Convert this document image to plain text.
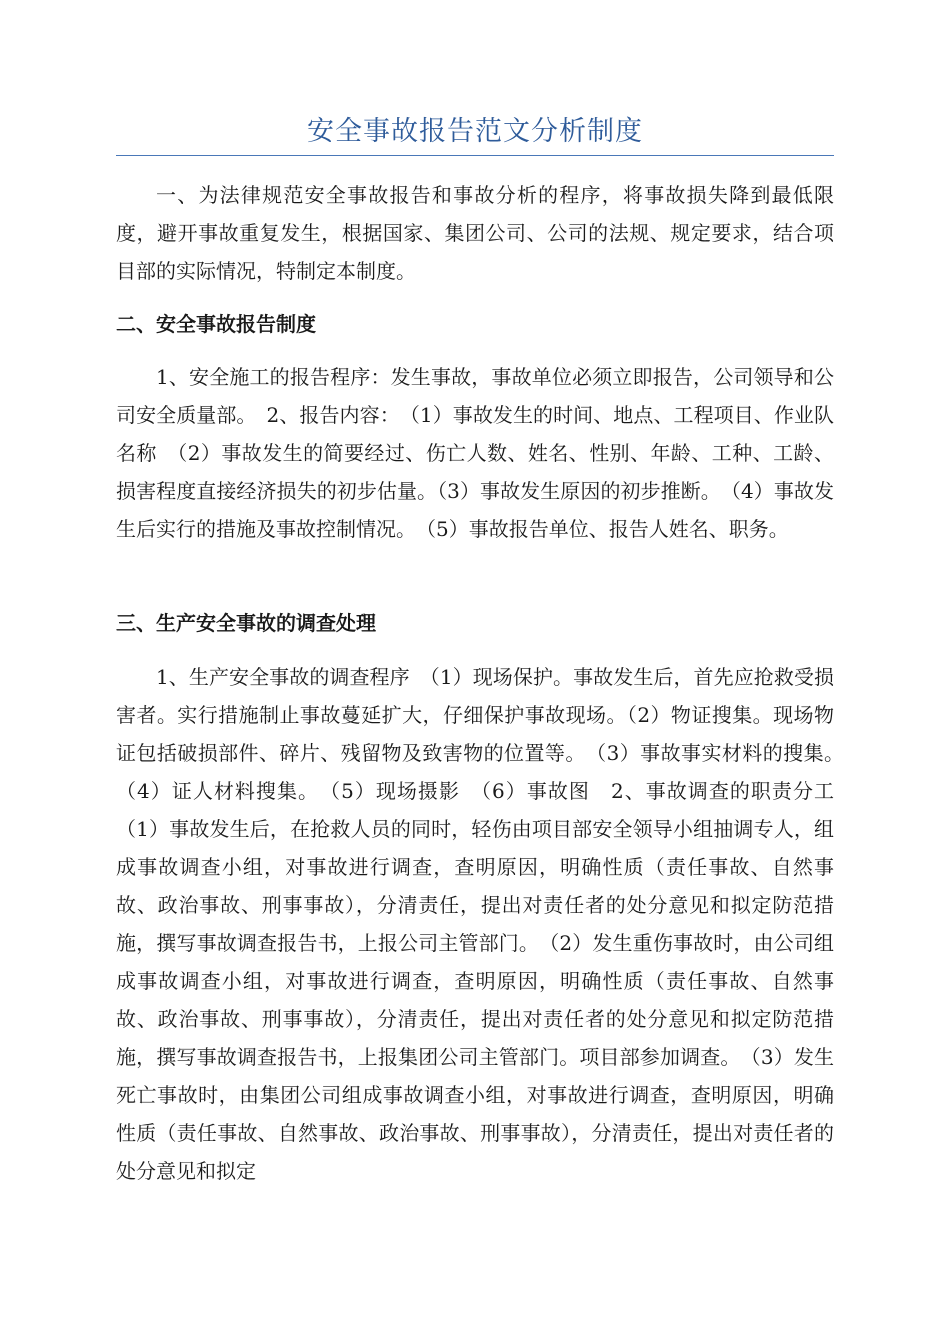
安全事故报告范文分析制度

一、为法律规范安全事故报告和事故分析的程序，将事故损失降到最低限度，避开事故重复发生，根据国家、集团公司、公司的法规、规定要求，结合项目部的实际情况，特制定本制度。

二、安全事故报告制度

1、安全施工的报告程序：发生事故，事故单位必须立即报告，公司领导和公司安全质量部。　2、报告内容：　（1）事故发生的时间、地点、工程项目、作业队名称　（2）事故发生的简要经过、伤亡人数、姓名、性别、年龄、工种、工龄、损害程度直接经济损失的初步估量。（3）事故发生原因的初步推断。　（4）事故发生后实行的措施及事故控制情况。　（5）事故报告单位、报告人姓名、职务。

三、生产安全事故的调查处理

1、生产安全事故的调查程序　（1）现场保护。事故发生后，首先应抢救受损害者。实行措施制止事故蔓延扩大，仔细保护事故现场。（2）物证搜集。现场物证包括破损部件、碎片、残留物及致害物的位置等。　（3）事故事实材料的搜集。　（4）证人材料搜集。　（5）现场摄影　（6）事故图　2、事故调查的职责分工　（1）事故发生后，在抢救人员的同时，轻伤由项目部安全领导小组抽调专人，组成事故调查小组，对事故进行调查，查明原因，明确性质（责任事故、自然事故、政治事故、刑事事故），分清责任，提出对责任者的处分意见和拟定防范措施，撰写事故调查报告书，上报公司主管部门。　（2）发生重伤事故时，由公司组成事故调查小组，对事故进行调查，查明原因，明确性质（责任事故、自然事故、政治事故、刑事事故），分清责任，提出对责任者的处分意见和拟定防范措施，撰写事故调查报告书，上报集团公司主管部门。项目部参加调查。　（3）发生死亡事故时，由集团公司组成事故调查小组，对事故进行调查，查明原因，明确性质（责任事故、自然事故、政治事故、刑事事故），分清责任，提出对责任者的处分意见和拟定
